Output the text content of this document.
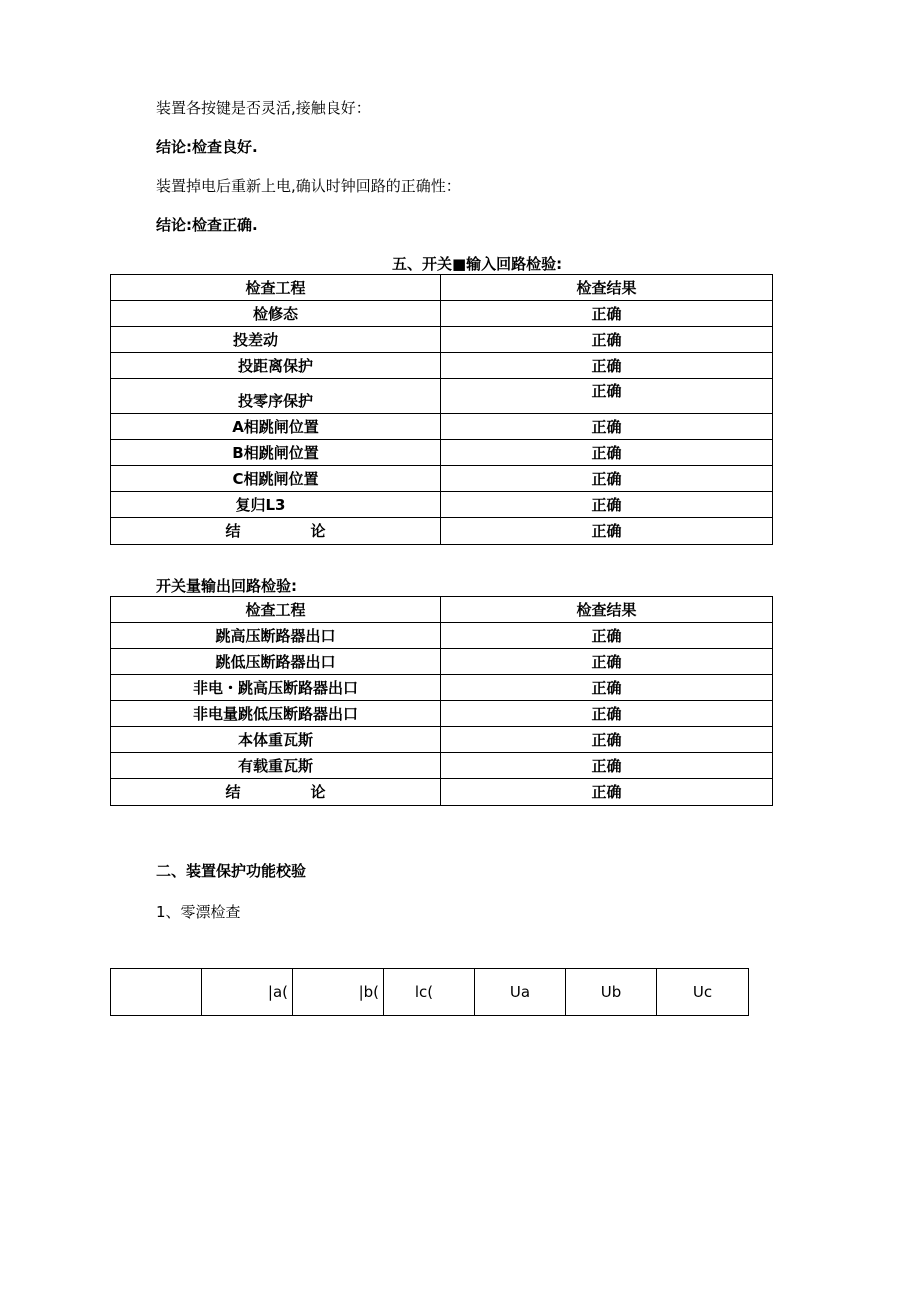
装置各按键是否灵活,接触良好：
结论:检查良好.
装置掉电后重新上电,确认时钟回路的正确性：
结论:检查正确.
五、开关■输入回路检验:
检查工程	检查结果
检修态	正确
投差动	正确
投距离保护	正确
投零序保护	正确
A相跳闸位置	正确
B相跳闸位置	正确
C相跳闸位置	正确
复归L3	正确
结 论	正确
开关量输出回路检验:
检查工程	检查结果
跳高压断路器出口	正确
跳低压断路器出口	正确
非电・跳高压断路器出口	正确
非电量跳低压断路器出口	正确
本体重瓦斯	正确
有载重瓦斯	正确
结 论	正确
二、装置保护功能校验
1、零漂检查
	|a(	|b(	lc(	Ua	Ub	Uc
